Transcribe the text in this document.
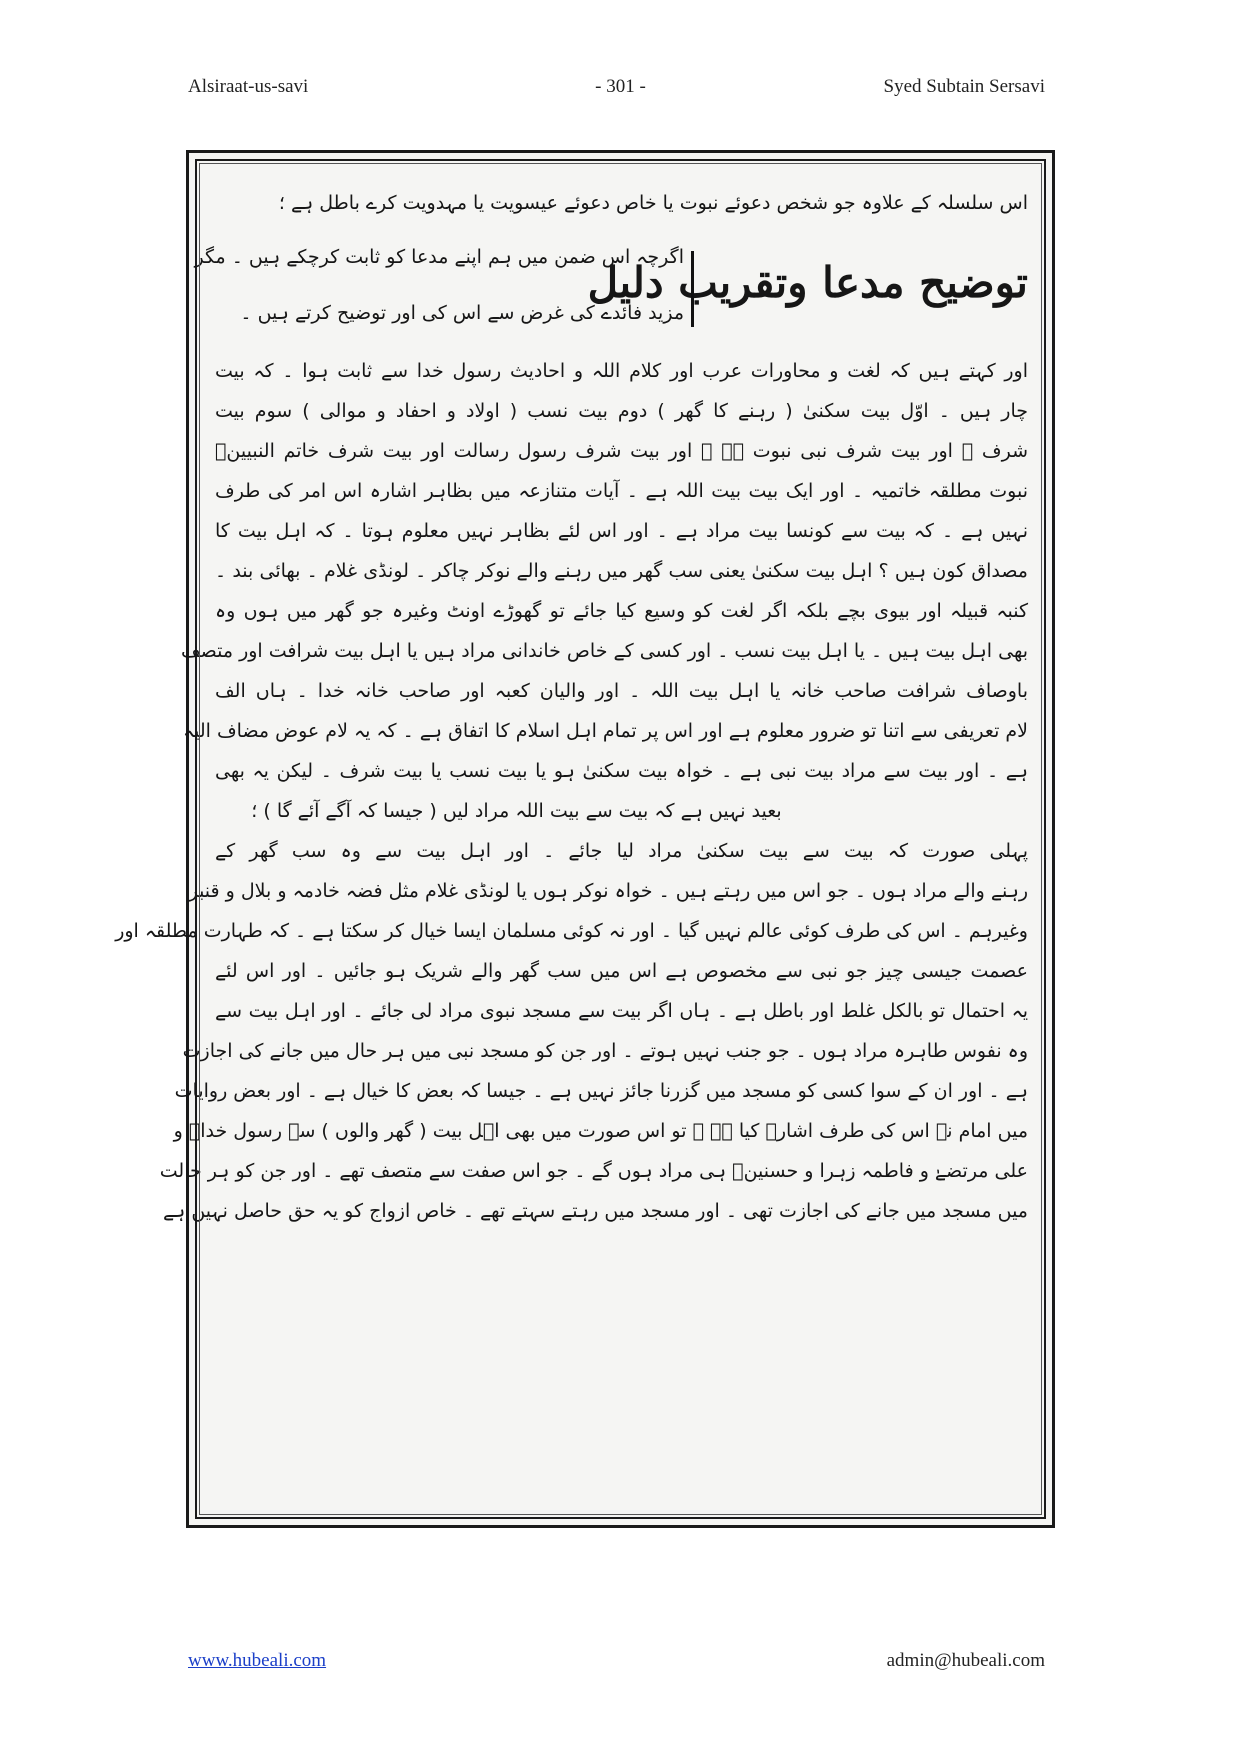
Alsiraat-us-savi	- 301 -	Syed Subtain Sersavi
اس سلسلہ کے علاوہ جو شخص دعوئے نبوت یا خاص دعوئے عیسویت یا مہدویت کرے باطل ہے ؛
توضیح مدعا وتقریب دلیل
اگرچہ اس ضمن میں ہم اپنے مدعا کو ثابت کرچکے ہیں ۔ مگر
مزید فائدے کی غرض سے اس کی اور توضیح کرتے ہیں ۔
اور کہتے ہیں کہ لغت و محاورات عرب اور کلام اللہ و احادیث رسول خدا سے ثابت ہوا ۔ کہ بیت
چار ہیں ۔ اوّل بیت سکنیٰ ( رہنے کا گھر ) دوم بیت نسب ( اولاد و احفاد و موالی ) سوم بیت
شرف ۔ اور بیت شرف نبی نبوت ہے ۔ اور بیت شرف رسول رسالت اور بیت شرف خاتم النبیینؐ
نبوت مطلقہ خاتمیہ ۔ اور ایک بیت بیت اللہ ہے ۔ آیات متنازعہ میں بظاہر اشارہ اس امر کی طرف
نہیں ہے ۔ کہ بیت سے کونسا بیت مراد ہے ۔ اور اس لئے بظاہر نہیں معلوم ہوتا ۔ کہ اہل بیت کا
مصداق کون ہیں ؟ اہل بیت سکنیٰ یعنی سب گھر میں رہنے والے نوکر چاکر ۔ لونڈی غلام ۔ بھائی بند ۔
کنبہ قبیلہ اور بیوی بچے بلکہ اگر لغت کو وسیع کیا جائے تو گھوڑے اونٹ وغیرہ جو گھر میں ہوں وہ
بھی اہل بیت ہیں ۔ یا اہل بیت نسب ۔ اور کسی کے خاص خاندانی مراد ہیں یا اہل بیت شرافت اور متصف
باوصاف شرافت صاحب خانہ یا اہل بیت اللہ ۔ اور والیان کعبہ اور صاحب خانہ خدا ۔ ہاں الف
لام تعریفی سے اتنا تو ضرور معلوم ہے اور اس پر تمام اہل اسلام کا اتفاق ہے ۔ کہ یہ لام عوض مضاف الیہ
ہے ۔ اور بیت سے مراد بیت نبی ہے ۔ خواہ بیت سکنیٰ ہو یا بیت نسب یا بیت شرف ۔ لیکن یہ بھی
بعید نہیں ہے کہ بیت سے بیت اللہ مراد لیں ( جیسا کہ آگے آئے گا ) ؛
پہلی صورت کہ بیت سے بیت سکنیٰ مراد لیا جائے ۔ اور اہل بیت سے وہ سب گھر کے
رہنے والے مراد ہوں ۔ جو اس میں رہتے ہیں ۔ خواہ نوکر ہوں یا لونڈی غلام مثل فضہ خادمہ و بلال و قنبر
وغیرہم ۔ اس کی طرف کوئی عالم نہیں گیا ۔ اور نہ کوئی مسلمان ایسا خیال کر سکتا ہے ۔ کہ طہارت مطلقہ اور
عصمت جیسی چیز جو نبی سے مخصوص ہے اس میں سب گھر والے شریک ہو جائیں ۔ اور اس لئے
یہ احتمال تو بالکل غلط اور باطل ہے ۔ ہاں اگر بیت سے مسجد نبوی مراد لی جائے ۔ اور اہل بیت سے
وہ نفوس طاہرہ مراد ہوں ۔ جو جنب نہیں ہوتے ۔ اور جن کو مسجد نبی میں ہر حال میں جانے کی اجازت
ہے ۔ اور ان کے سوا کسی کو مسجد میں گزرنا جائز نہیں ہے ۔ جیسا کہ بعض کا خیال ہے ۔ اور بعض روایات
میں امام نے اس کی طرف اشارہ کیا ہے ۔ تو اس صورت میں بھی اہل بیت ( گھر والوں ) سے رسول خداؐ و
علی مرتضےٰ و فاطمہ زہرا و حسنینؑ ہی مراد ہوں گے ۔ جو اس صفت سے متصف تھے ۔ اور جن کو ہر حالت
میں مسجد میں جانے کی اجازت تھی ۔ اور مسجد میں رہتے سہتے تھے ۔ خاص ازواج کو یہ حق حاصل نہیں ہے
www.hubeali.com	admin@hubeali.com
